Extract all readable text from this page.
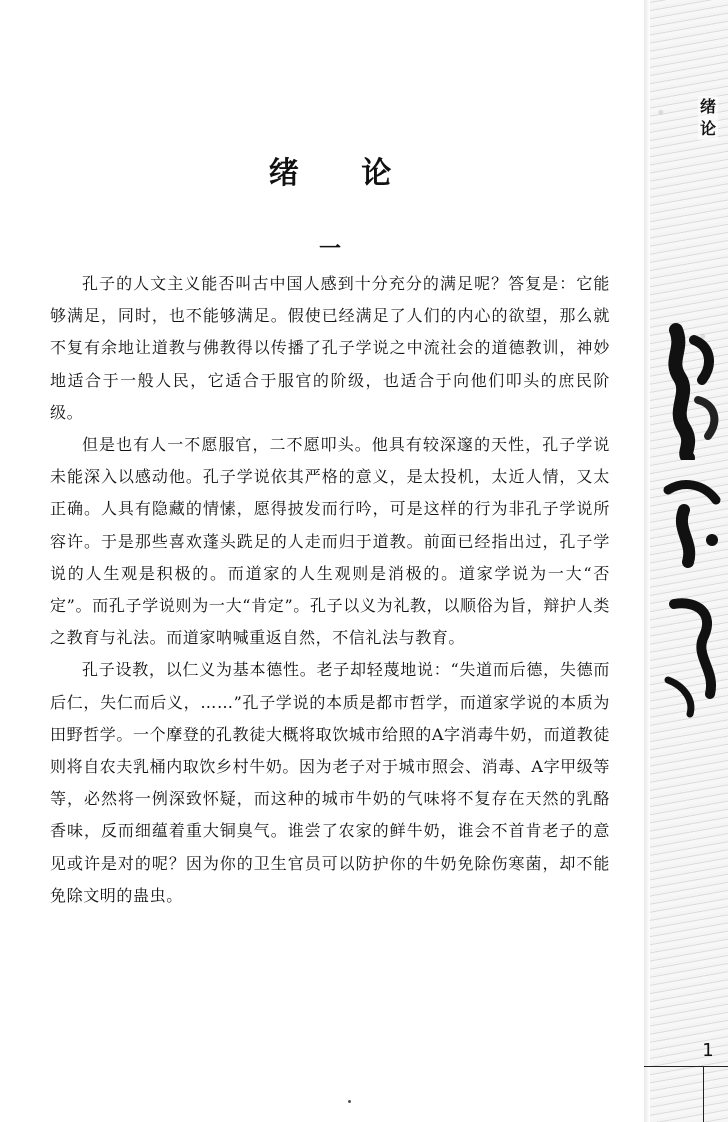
绪 论
一

孔子的人文主义能否叫古中国人感到十分充分的满足呢？答复是：它能够满足，同时，也不能够满足。假使已经满足了人们的内心的欲望，那么就不复有余地让道教与佛教得以传播了孔子学说之中流社会的道德教训，神妙地适合于一般人民，它适合于服官的阶级，也适合于向他们叩头的庶民阶级。

但是也有人一不愿服官，二不愿叩头。他具有较深邃的天性，孔子学说未能深入以感动他。孔子学说依其严格的意义，是太投机，太近人情，又太正确。人具有隐藏的情愫，愿得披发而行吟，可是这样的行为非孔子学说所容许。于是那些喜欢蓬头跣足的人走而归于道教。前面已经指出过，孔子学说的人生观是积极的。而道家的人生观则是消极的。道家学说为一大“否定”。而孔子学说则为一大“肯定”。孔子以义为礼教，以顺俗为旨，辩护人类之教育与礼法。而道家呐喊重返自然，不信礼法与教育。

孔子设教，以仁义为基本德性。老子却轻蔑地说：“失道而后德，失德而后仁，失仁而后义，……”孔子学说的本质是都市哲学，而道家学说的本质为田野哲学。一个摩登的孔教徒大概将取饮城市给照的A字消毒牛奶，而道教徒则将自农夫乳桶内取饮乡村牛奶。因为老子对于城市照会、消毒、A字甲级等等，必然将一例深致怀疑，而这种的城市牛奶的气味将不复存在天然的乳酪香味，反而细蕴着重大铜臭气。谁尝了农家的鲜牛奶，谁会不首肯老子的意见或许是对的呢？因为你的卫生官员可以防护你的牛奶免除伤寒菌，却不能免除文明的蛊虫。

绪 论
1
